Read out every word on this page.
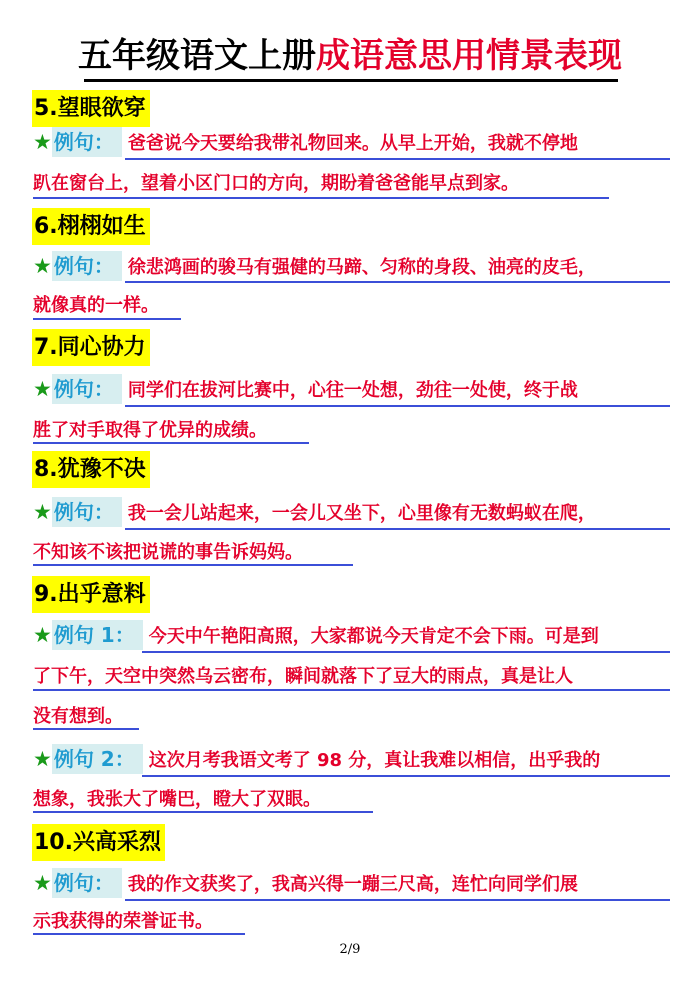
五年级语文上册成语意思用情景表现
5.望眼欲穿
★ 例句： 爸爸说今天要给我带礼物回来。从早上开始，我就不停地
趴在窗台上，望着小区门口的方向，期盼着爸爸能早点到家。
6.栩栩如生
★ 例句： 徐悲鸿画的骏马有强健的马蹄、匀称的身段、油亮的皮毛，
就像真的一样。
7.同心协力
★ 例句： 同学们在拔河比赛中，心往一处想，劲往一处使，终于战
胜了对手取得了优异的成绩。
8.犹豫不决
★ 例句： 我一会儿站起来，一会儿又坐下，心里像有无数蚂蚁在爬，
不知该不该把说谎的事告诉妈妈。
9.出乎意料
★ 例句 1： 今天中午艳阳高照，大家都说今天肯定不会下雨。可是到
了下午，天空中突然乌云密布，瞬间就落下了豆大的雨点，真是让人
没有想到。
★ 例句 2： 这次月考我语文考了 98 分，真让我难以相信，出乎我的
想象，我张大了嘴巴，瞪大了双眼。
10.兴高采烈
★ 例句： 我的作文获奖了，我高兴得一蹦三尺高，连忙向同学们展
示我获得的荣誉证书。
2/9
